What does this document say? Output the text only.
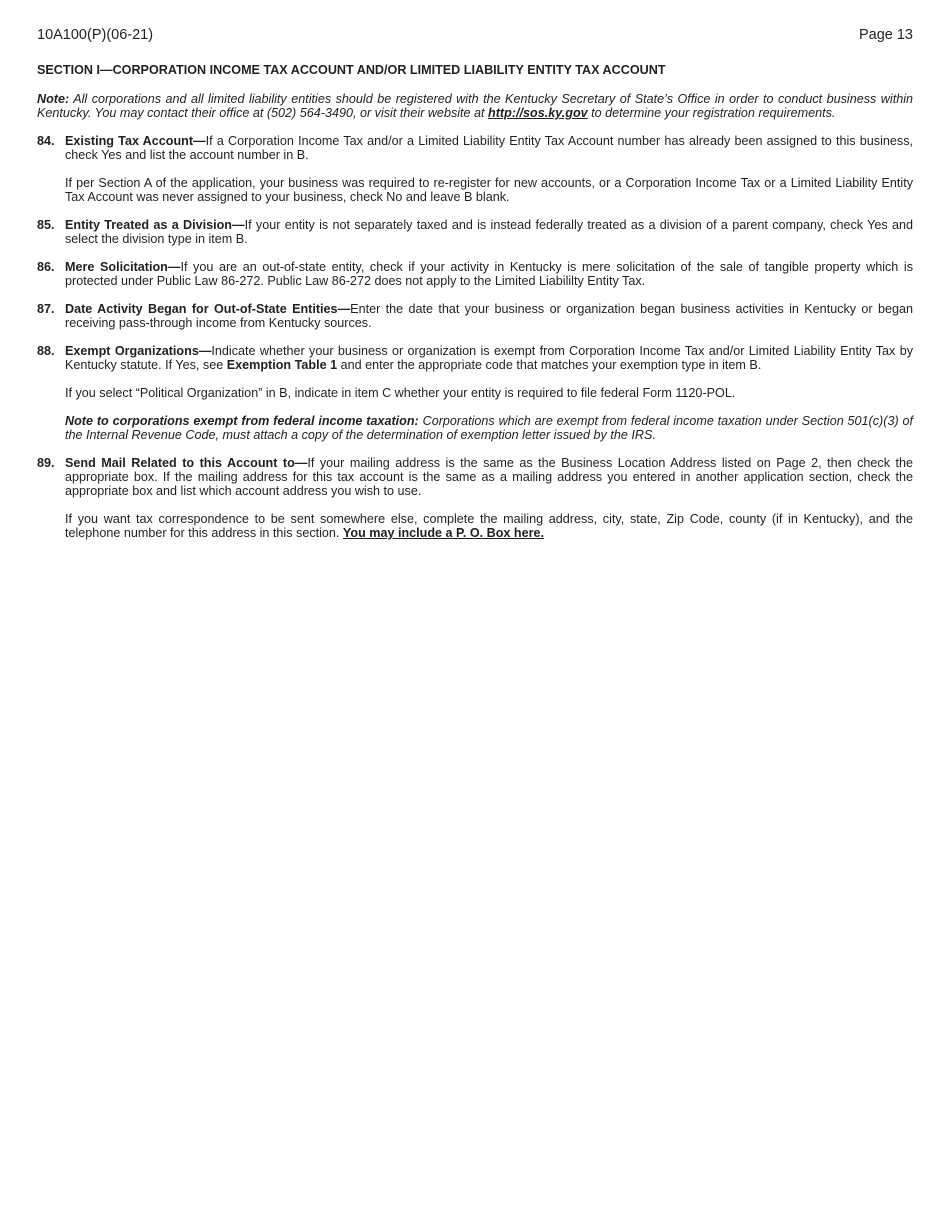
10A100(P)(06-21)	Page 13
SECTION I—CORPORATION INCOME TAX ACCOUNT AND/OR LIMITED LIABILITY ENTITY TAX ACCOUNT
Note: All corporations and all limited liability entities should be registered with the Kentucky Secretary of State’s Office in order to conduct business within Kentucky. You may contact their office at (502) 564-3490, or visit their website at http://sos.ky.gov to determine your registration requirements.
84. Existing Tax Account—If a Corporation Income Tax and/or a Limited Liability Entity Tax Account number has already been assigned to this business, check Yes and list the account number in B.

If per Section A of the application, your business was required to re-register for new accounts, or a Corporation Income Tax or a Limited Liability Entity Tax Account was never assigned to your business, check No and leave B blank.

85. Entity Treated as a Division—If your entity is not separately taxed and is instead federally treated as a division of a parent company, check Yes and select the division type in item B.

86. Mere Solicitation—If you are an out-of-state entity, check if your activity in Kentucky is mere solicitation of the sale of tangible property which is protected under Public Law 86-272. Public Law 86-272 does not apply to the Limited Liabililty Entity Tax.

87. Date Activity Began for Out-of-State Entities—Enter the date that your business or organization began business activities in Kentucky or began receiving pass-through income from Kentucky sources.

88. Exempt Organizations—Indicate whether your business or organization is exempt from Corporation Income Tax and/or Limited Liability Entity Tax by Kentucky statute. If Yes, see Exemption Table 1 and enter the appropriate code that matches your exemption type in item B.

If you select “Political Organization” in B, indicate in item C whether your entity is required to file federal Form 1120-POL.

Note to corporations exempt from federal income taxation: Corporations which are exempt from federal income taxation under Section 501(c)(3) of the Internal Revenue Code, must attach a copy of the determination of exemption letter issued by the IRS.

89. Send Mail Related to this Account to—If your mailing address is the same as the Business Location Address listed on Page 2, then check the appropriate box. If the mailing address for this tax account is the same as a mailing address you entered in another application section, check the appropriate box and list which account address you wish to use.

If you want tax correspondence to be sent somewhere else, complete the mailing address, city, state, Zip Code, county (if in Kentucky), and the telephone number for this address in this section. You may include a P. O. Box here.
